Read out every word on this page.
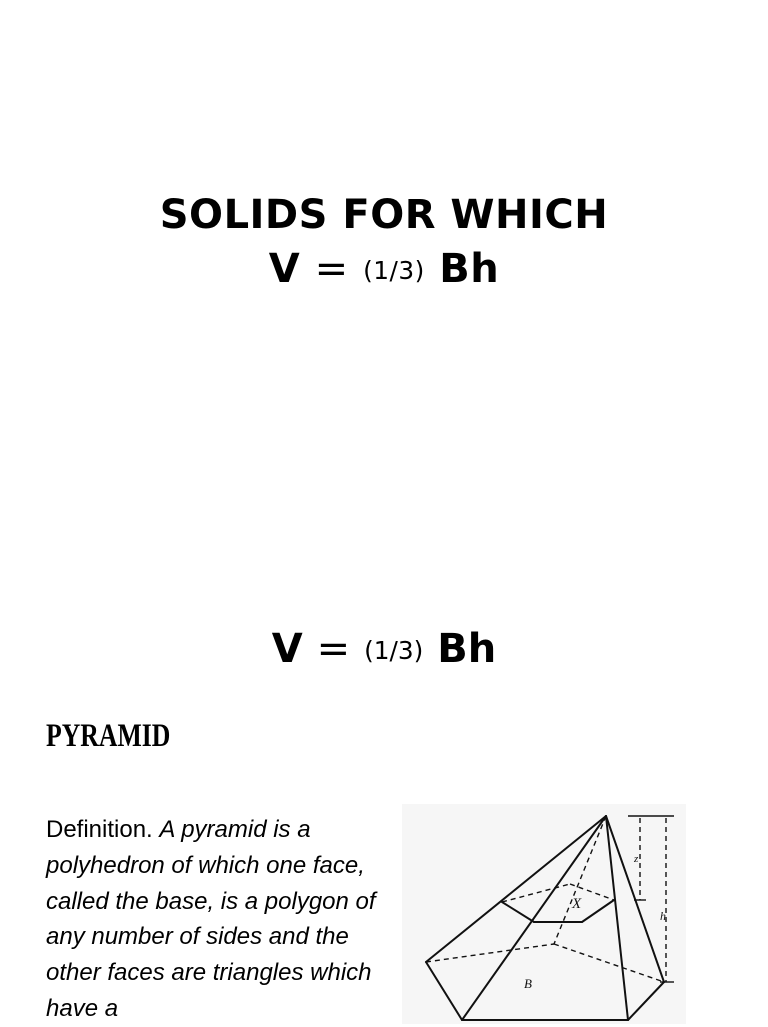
SOLIDS FOR WHICH
V = (1/3) Bh
V = (1/3) Bh
PYRAMID
Definition. A pyramid is a polyhedron of which one face, called the base, is a polygon of any number of sides and the other faces are triangles which have a
X
B
h
z
